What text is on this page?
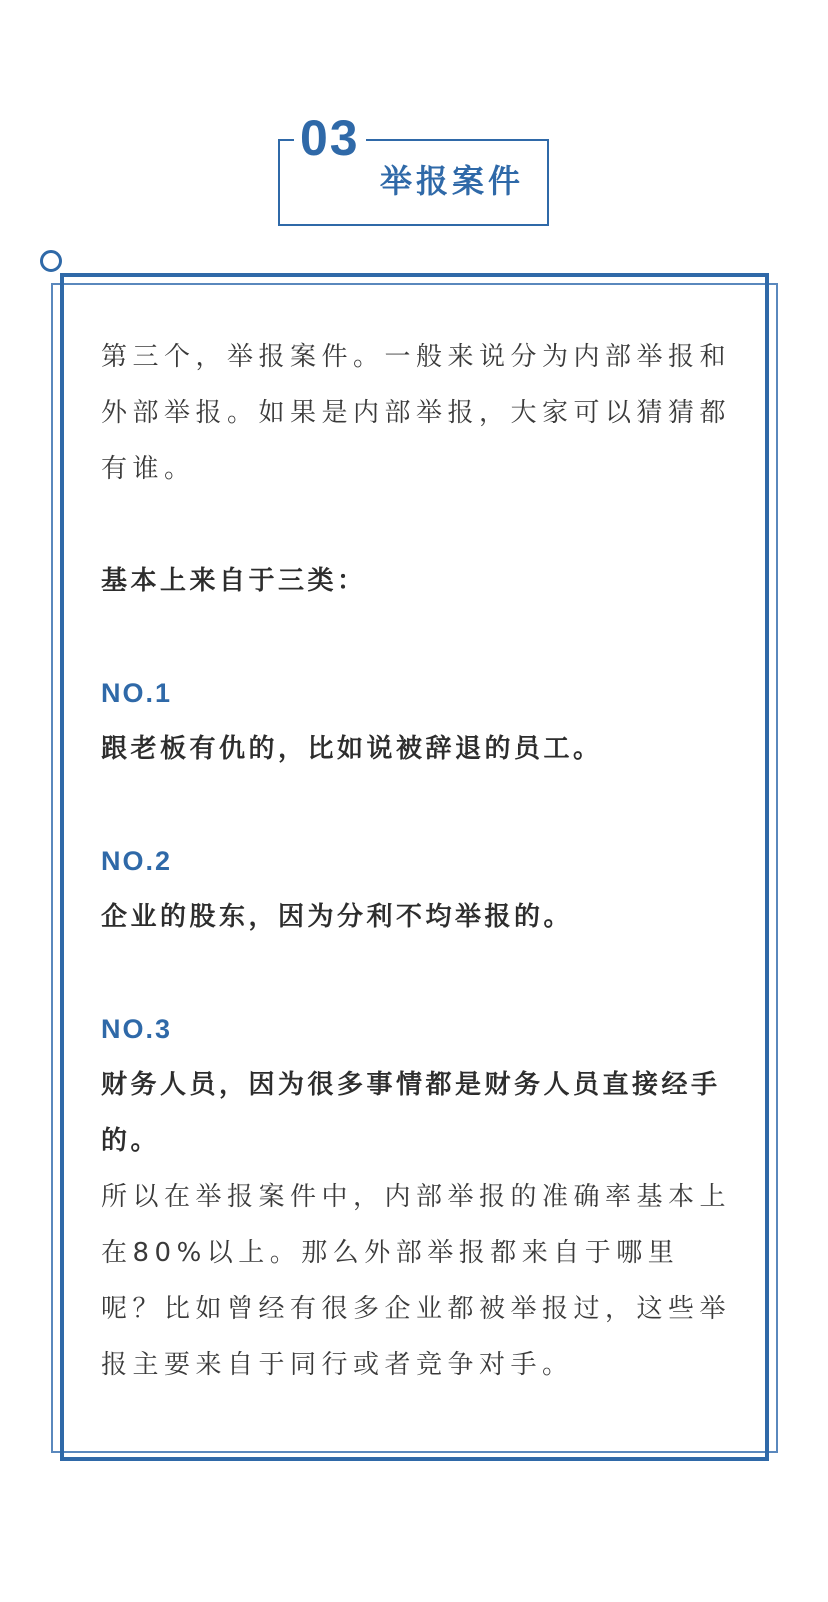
03
举报案件

第三个，举报案件。一般来说分为内部举报和外部举报。如果是内部举报，大家可以猜猜都有谁。

基本上来自于三类：

NO.1

跟老板有仇的，比如说被辞退的员工。

NO.2

企业的股东，因为分利不均举报的。

NO.3

财务人员，因为很多事情都是财务人员直接经手的。

所以在举报案件中，内部举报的准确率基本上在80%以上。那么外部举报都来自于哪里呢？比如曾经有很多企业都被举报过，这些举报主要来自于同行或者竞争对手。
